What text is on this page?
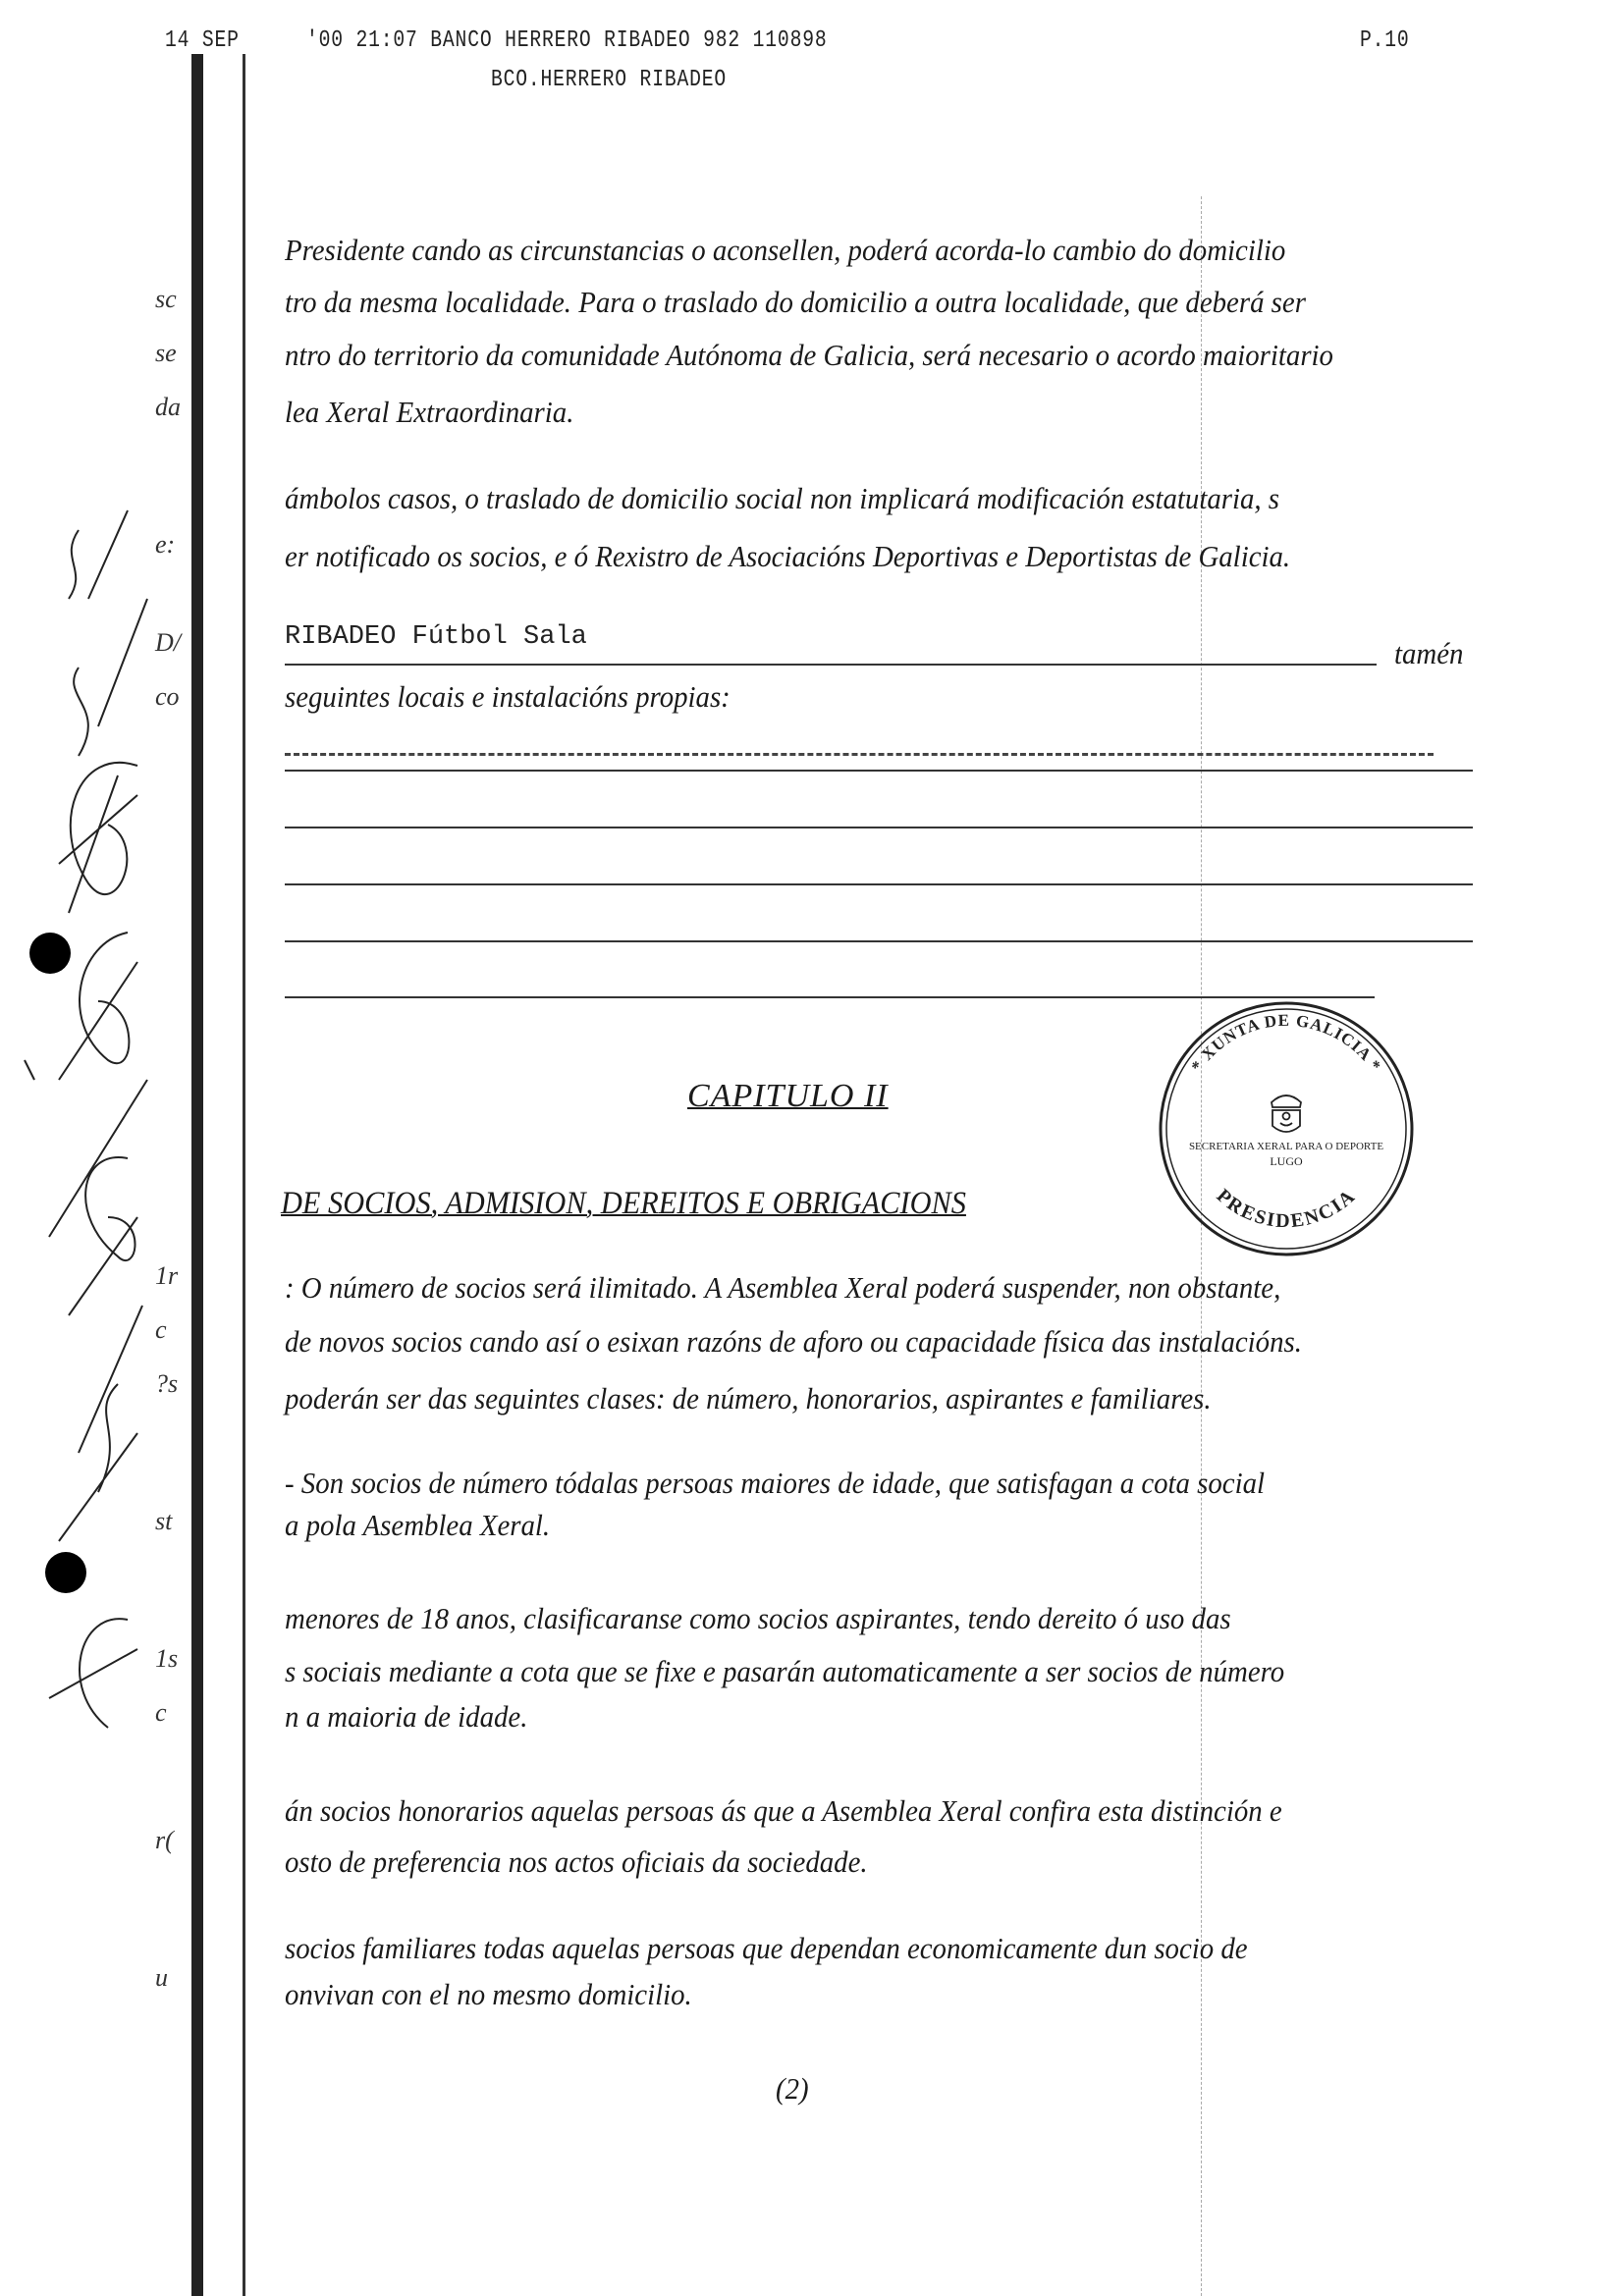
14 SEP	'00 21:07 BANCO HERRERO RIBADEO 982 110898	P.10
BCO.HERRERO RIBADEO
sc
se
da
e:
D/
co
1r
c
?s
st
1s
c
r(
u
Presidente cando as circunstancias o aconsellen, poderá acorda-lo cambio do domicilio
tro da mesma localidade. Para o traslado do domicilio a outra localidade, que deberá ser
ntro do territorio da comunidade Autónoma de Galicia, será necesario o acordo maioritario
lea Xeral Extraordinaria.
ámbolos casos, o traslado de domicilio social non implicará modificación estatutaria, s
er notificado os socios, e ó Rexistro de Asociacións Deportivas e Deportistas de Galicia.
RIBADEO Fútbol Sala	tamén
seguintes locais e instalacións propias:
CAPITULO II
DE SOCIOS, ADMISION, DEREITOS E OBRIGACIONS
* XUNTA DE GALICIA *
SECRETARIA XERAL PARA O DEPORTE
LUGO
PRESIDENCIA
: O número de socios será ilimitado. A Asemblea Xeral poderá suspender, non obstante,
de novos socios cando así o esixan razóns de aforo ou capacidade física das instalacións.
poderán ser das seguintes clases: de número, honorarios, aspirantes e familiares.
- Son socios de número tódalas persoas maiores de idade, que satisfagan a cota social
a pola Asemblea Xeral.
menores de 18 anos, clasificaranse como socios aspirantes, tendo dereito ó uso das
s sociais mediante a cota que se fixe e pasarán automaticamente a ser socios de número
n a maioria de idade.
án socios honorarios aquelas persoas ás que a Asemblea Xeral confira esta distinción e
osto de preferencia nos actos oficiais da sociedade.
socios familiares todas aquelas persoas que dependan economicamente dun socio de
onvivan con el no mesmo domicilio.
(2)
